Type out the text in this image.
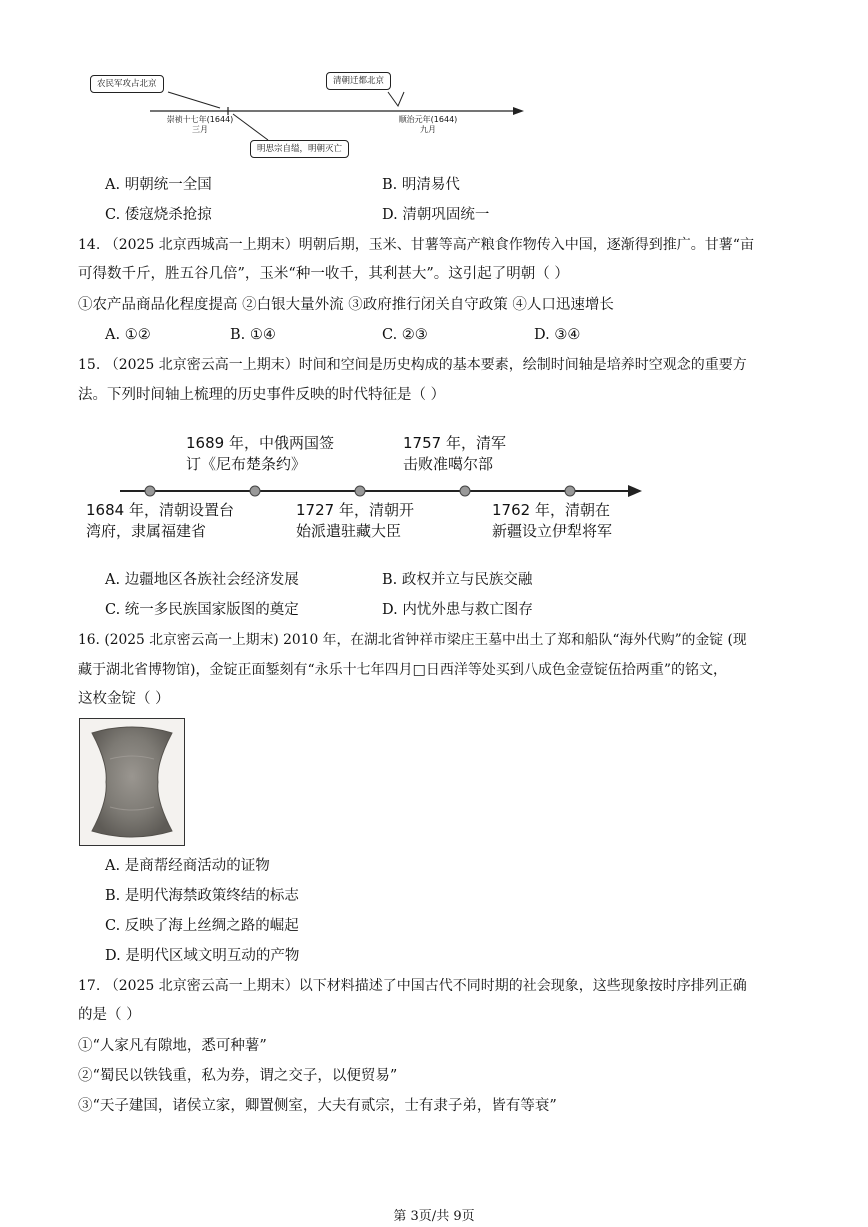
农民军攻占北京	清朝迁都北京
明思宗自缢，明朝灭亡
崇祯十七年(1644)
三月
顺治元年(1644)
九月
A. 明朝统一全国	B. 明清易代
C. 倭寇烧杀抢掠	D. 清朝巩固统一
14. （2025 北京西城高一上期末）明朝后期，玉米、甘薯等高产粮食作物传入中国，逐渐得到推广。甘薯“亩
可得数千斤，胜五谷几倍”，玉米“种一收千，其利甚大”。这引起了明朝（ ）
①农产品商品化程度提高 ②白银大量外流 ③政府推行闭关自守政策 ④人口迅速增长
A. ①②	B. ①④	C. ②③	D. ③④
15. （2025 北京密云高一上期末）时间和空间是历史构成的基本要素，绘制时间轴是培养时空观念的重要方
法。下列时间轴上梳理的历史事件反映的时代特征是（ ）
1689 年，中俄两国签
订《尼布楚条约》
1757 年，清军
击败准噶尔部
1684 年，清朝设置台
湾府，隶属福建省
1727 年，清朝开
始派遣驻藏大臣
1762 年，清朝在
新疆设立伊犁将军
A. 边疆地区各族社会经济发展	B. 政权并立与民族交融
C. 统一多民族国家版图的奠定	D. 内忧外患与救亡图存
16. (2025 北京密云高一上期末) 2010 年，在湖北省钟祥市梁庄王墓中出土了郑和船队“海外代购”的金锭 (现
藏于湖北省博物馆)，金锭正面錾刻有“永乐十七年四月□日西洋等处买到八成色金壹锭伍拾两重”的铭文，
这枚金锭（ ）
A. 是商帮经商活动的证物
B. 是明代海禁政策终结的标志
C. 反映了海上丝绸之路的崛起
D. 是明代区域文明互动的产物
17. （2025 北京密云高一上期末）以下材料描述了中国古代不同时期的社会现象，这些现象按时序排列正确
的是（ ）
①“人家凡有隙地，悉可种薯”
②“蜀民以铁钱重，私为券，谓之交子，以便贸易”
③“天子建国，诸侯立家，卿置侧室，大夫有贰宗，士有隶子弟，皆有等衰”
第 3页/共 9页
